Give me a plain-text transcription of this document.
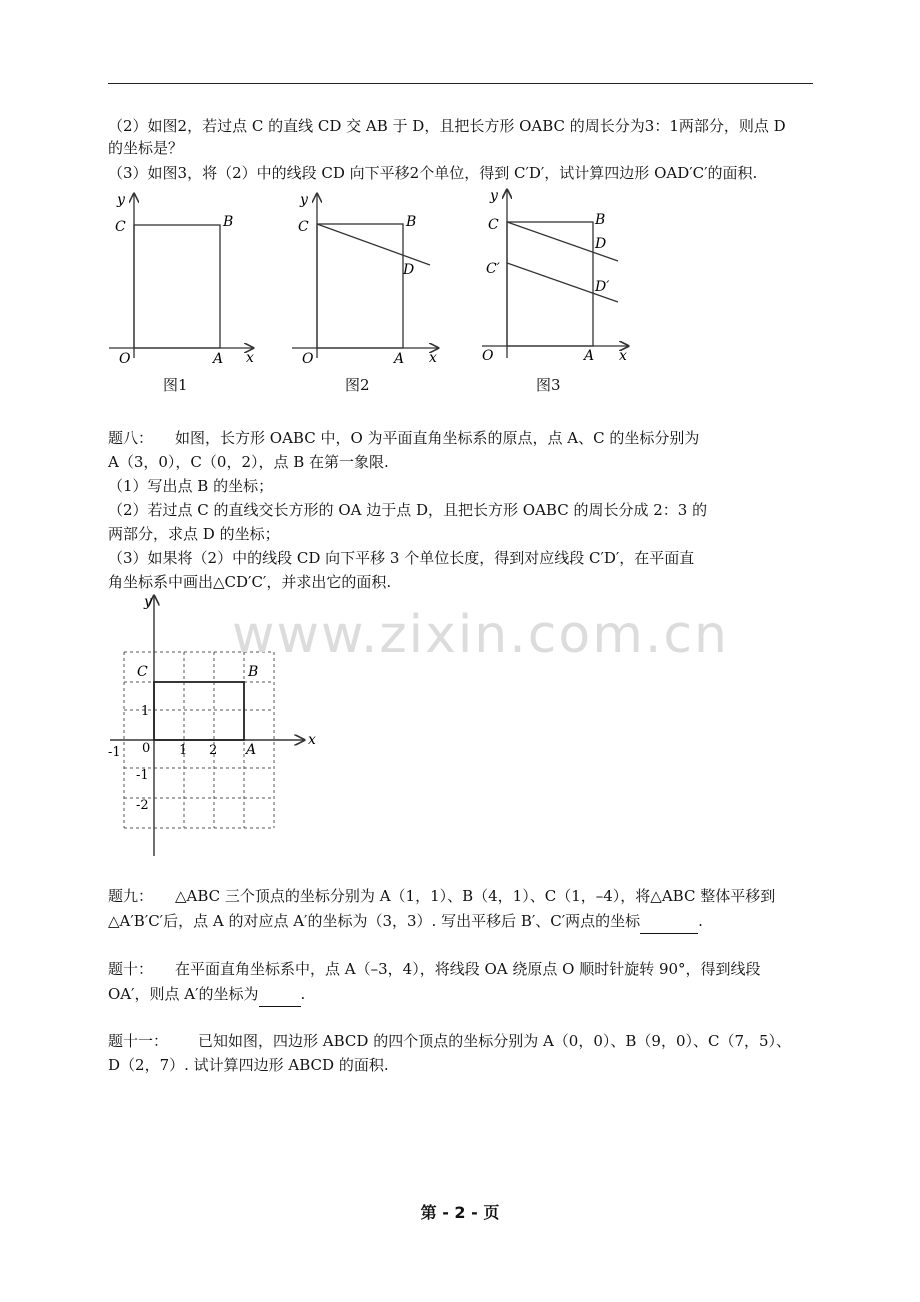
（2）如图2，若过点 C 的直线 CD 交 AB 于 D，且把长方形 OABC 的周长分为3：1两部分，则点 D

的坐标是？

（3）如图3，将（2）中的线段 CD 向下平移2个单位，得到 C′D′，试计算四边形 OAD′C′的面积.

y
C	B
O	A x
图1
y
C	B
D
O	A x
图2
y
C	B
D
C′
D′
O	A x
图3

题八： 如图，长方形 OABC 中，O 为平面直角坐标系的原点，点 A、C 的坐标分别为

A（3，0），C（0，2），点 B 在第一象限.

（1）写出点 B 的坐标；

（2）若过点 C 的直线交长方形的 OA 边于点 D，且把长方形 OABC 的周长分成 2：3 的

两部分，求点 D 的坐标；

（3）如果将（2）中的线段 CD 向下平移 3 个单位长度，得到对应线段 C′D′，在平面直

角坐标系中画出△CD′C′，并求出它的面积.

y
x
C	B
A
0 1 2
-1
1
-1
-2
www.zixin.com.cn

题九： △ABC 三个顶点的坐标分别为 A（1，1）、B（4，1）、C（1，–4），将△ABC 整体平移到

△A′B′C′后，点 A 的对应点 A′的坐标为（3，3）. 写出平移后 B′、C′两点的坐标	.

题十： 在平面直角坐标系中，点 A（–3，4），将线段 OA 绕原点 O 顺时针旋转 90°，得到线段

OA′，则点 A′的坐标为	.

题十一： 已知如图，四边形 ABCD 的四个顶点的坐标分别为 A（0，0）、B（9，0）、C（7，5）、

D（2，7）. 试计算四边形 ABCD 的面积.

第 - 2 - 页
